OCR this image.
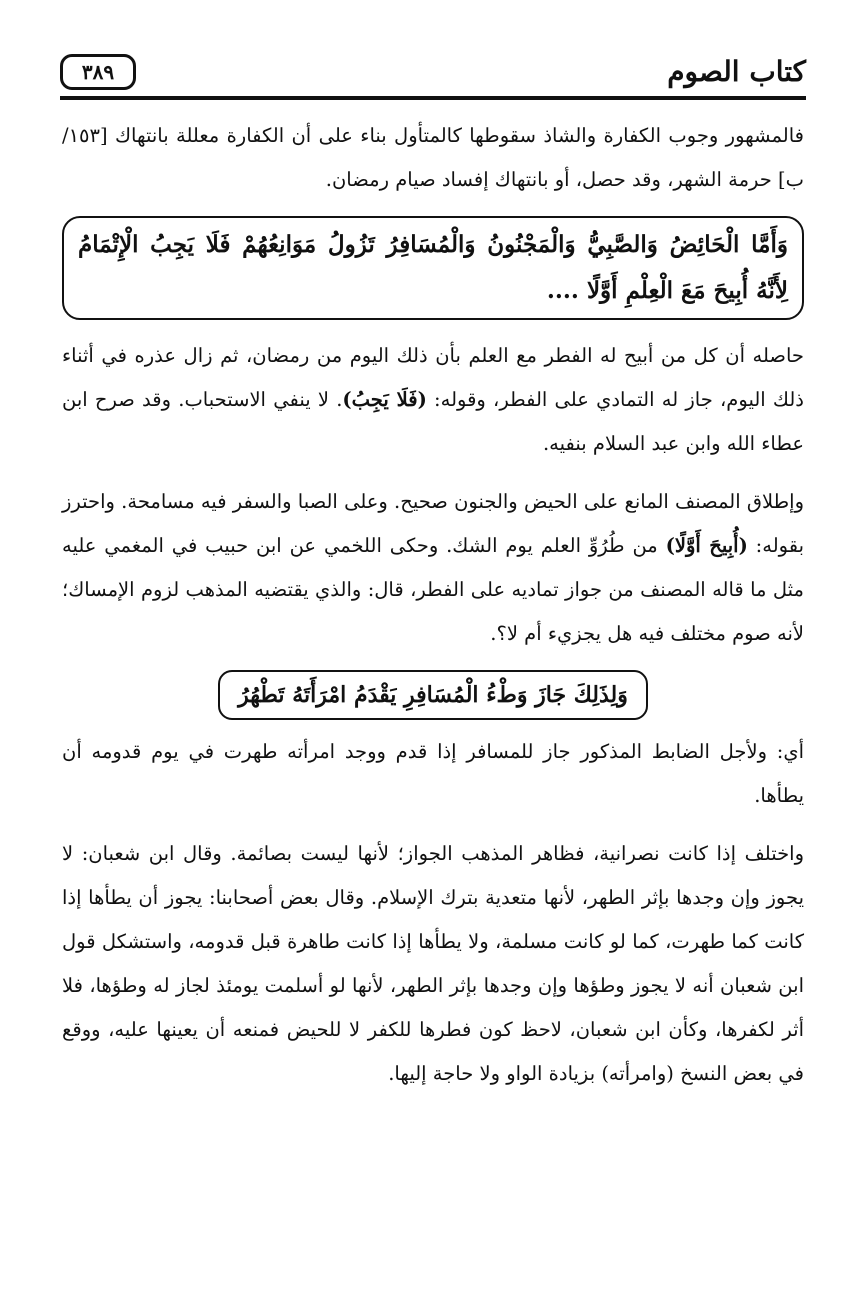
كتاب الصوم
٣٨٩

فالمشهور وجوب الكفارة والشاذ سقوطها كالمتأول بناء على أن الكفارة معللة بانتهاك [١٥٣/ ب] حرمة الشهر، وقد حصل، أو بانتهاك إفساد صيام رمضان.

وَأَمَّا الْحَائِضُ وَالصَّبِيُّ وَالْمَجْنُونُ وَالْمُسَافِرُ تَزُولُ مَوَانِعُهُمْ فَلَا يَجِبُ الْإِتْمَامُ لِأَنَّهُ أُبِيحَ مَعَ الْعِلْمِ أَوَّلًا ....

حاصله أن كل من أبيح له الفطر مع العلم بأن ذلك اليوم من رمضان، ثم زال عذره في أثناء ذلك اليوم، جاز له التمادي على الفطر، وقوله: (فَلَا يَجِبُ). لا ينفي الاستحباب. وقد صرح ابن عطاء الله وابن عبد السلام بنفيه.

وإطلاق المصنف المانع على الحيض والجنون صحيح. وعلى الصبا والسفر فيه مسامحة. واحترز بقوله: (أُبِيحَ أَوَّلًا) من طُرُوِّ العلم يوم الشك. وحكى اللخمي عن ابن حبيب في المغمي عليه مثل ما قاله المصنف من جواز تماديه على الفطر، قال: والذي يقتضيه المذهب لزوم الإمساك؛ لأنه صوم مختلف فيه هل يجزيء أم لا؟.

وَلِذَلِكَ جَازَ وَطْءُ الْمُسَافِرِ يَقْدَمُ امْرَأَتَهُ تَطْهُرُ

أي: ولأجل الضابط المذكور جاز للمسافر إذا قدم ووجد امرأته طهرت في يوم قدومه أن يطأها.

واختلف إذا كانت نصرانية، فظاهر المذهب الجواز؛ لأنها ليست بصائمة. وقال ابن شعبان: لا يجوز وإن وجدها بإثر الطهر، لأنها متعدية بترك الإسلام. وقال بعض أصحابنا: يجوز أن يطأها إذا كانت كما طهرت، كما لو كانت مسلمة، ولا يطأها إذا كانت طاهرة قبل قدومه، واستشكل قول ابن شعبان أنه لا يجوز وطؤها وإن وجدها بإثر الطهر، لأنها لو أسلمت يومئذ لجاز له وطؤها، فلا أثر لكفرها، وكأن ابن شعبان، لاحظ كون فطرها للكفر لا للحيض فمنعه أن يعينها عليه، ووقع في بعض النسخ (وامرأته) بزيادة الواو ولا حاجة إليها.
